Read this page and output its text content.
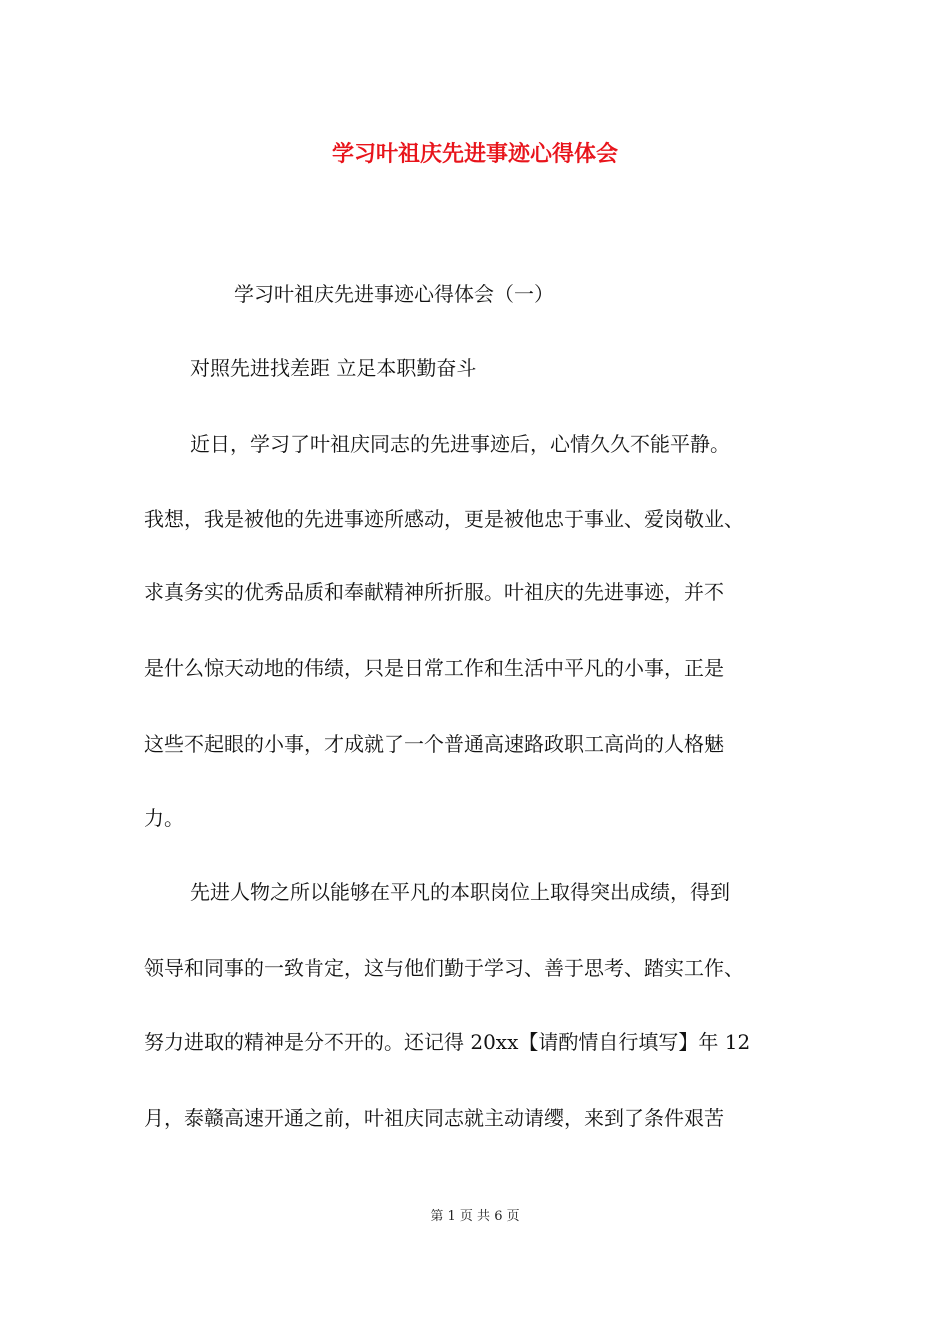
学习叶祖庆先进事迹心得体会
学习叶祖庆先进事迹心得体会（一）
对照先进找差距 立足本职勤奋斗
近日，学习了叶祖庆同志的先进事迹后，心情久久不能平静。
我想，我是被他的先进事迹所感动，更是被他忠于事业、爱岗敬业、
求真务实的优秀品质和奉献精神所折服。叶祖庆的先进事迹，并不
是什么惊天动地的伟绩，只是日常工作和生活中平凡的小事，正是
这些不起眼的小事，才成就了一个普通高速路政职工高尚的人格魅
力。
先进人物之所以能够在平凡的本职岗位上取得突出成绩，得到
领导和同事的一致肯定，这与他们勤于学习、善于思考、踏实工作、
努力进取的精神是分不开的。还记得 20xx【请酌情自行填写】年 12
月，泰赣高速开通之前，叶祖庆同志就主动请缨，来到了条件艰苦
第 1 页 共 6 页
